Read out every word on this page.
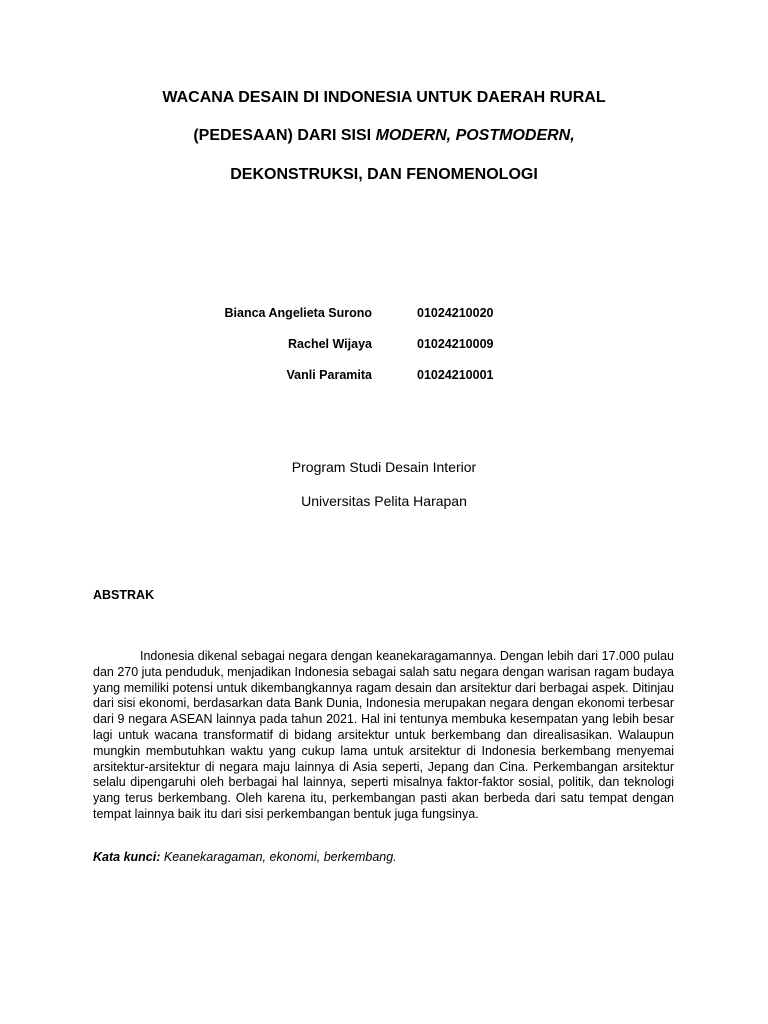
WACANA DESAIN DI INDONESIA UNTUK DAERAH RURAL
(PEDESAAN) DARI SISI MODERN, POSTMODERN,
DEKONSTRUKSI, DAN FENOMENOLOGI
Bianca Angelieta Surono	01024210020
Rachel Wijaya	01024210009
Vanli Paramita	01024210001
Program Studi Desain Interior
Universitas Pelita Harapan
ABSTRAK

Indonesia dikenal sebagai negara dengan keanekaragamannya. Dengan lebih dari 17.000 pulau dan 270 juta penduduk, menjadikan Indonesia sebagai salah satu negara dengan warisan ragam budaya yang memiliki potensi untuk dikembangkannya ragam desain dan arsitektur dari berbagai aspek. Ditinjau dari sisi ekonomi, berdasarkan data Bank Dunia, Indonesia merupakan negara dengan ekonomi terbesar dari 9 negara ASEAN lainnya pada tahun 2021. Hal ini tentunya membuka kesempatan yang lebih besar lagi untuk wacana transformatif di bidang arsitektur untuk berkembang dan direalisasikan. Walaupun mungkin membutuhkan waktu yang cukup lama untuk arsitektur di Indonesia berkembang menyemai arsitektur-arsitektur di negara maju lainnya di Asia seperti, Jepang dan Cina. Perkembangan arsitektur selalu dipengaruhi oleh berbagai hal lainnya, seperti misalnya faktor-faktor sosial, politik, dan teknologi yang terus berkembang. Oleh karena itu, perkembangan pasti akan berbeda dari satu tempat dengan tempat lainnya baik itu dari sisi perkembangan bentuk juga fungsinya.

Kata kunci: Keanekaragaman, ekonomi, berkembang.
